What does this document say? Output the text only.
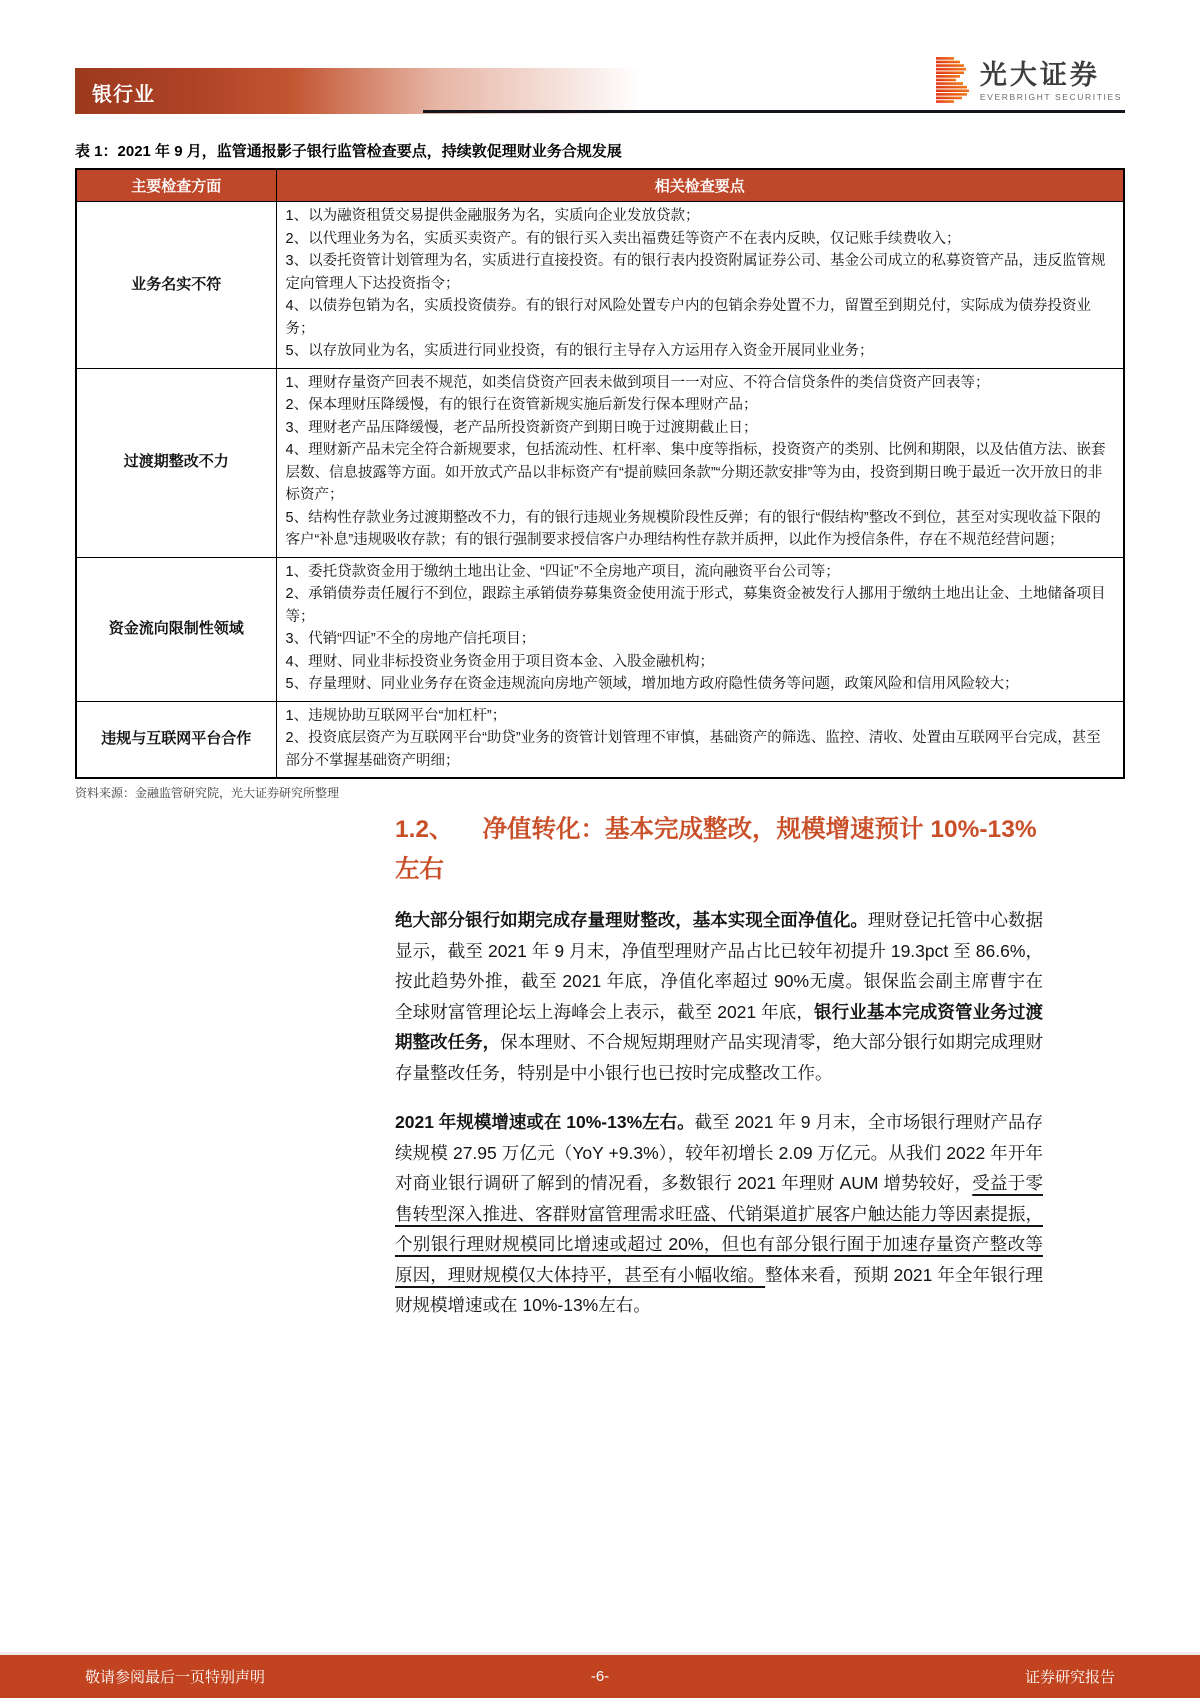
银行业
光大证券
EVERBRIGHT SECURITIES
表 1：2021 年 9 月，监管通报影子银行监管检查要点，持续敦促理财业务合规发展
主要检查方面	相关检查要点
业务名实不符	1、以为融资租赁交易提供金融服务为名，实质向企业发放贷款；
2、以代理业务为名，实质买卖资产。有的银行买入卖出福费廷等资产不在表内反映，仅记账手续费收入；
3、以委托资管计划管理为名，实质进行直接投资。有的银行表内投资附属证券公司、基金公司成立的私募资管产品，违反监管规定向管理人下达投资指令；
4、以债券包销为名，实质投资债券。有的银行对风险处置专户内的包销余券处置不力，留置至到期兑付，实际成为债券投资业务；
5、以存放同业为名，实质进行同业投资，有的银行主导存入方运用存入资金开展同业业务；

过渡期整改不力	1、理财存量资产回表不规范，如类信贷资产回表未做到项目一一对应、不符合信贷条件的类信贷资产回表等；
2、保本理财压降缓慢，有的银行在资管新规实施后新发行保本理财产品；
3、理财老产品压降缓慢，老产品所投资新资产到期日晚于过渡期截止日；
4、理财新产品未完全符合新规要求，包括流动性、杠杆率、集中度等指标，投资资产的类别、比例和期限，以及估值方法、嵌套层数、信息披露等方面。如开放式产品以非标资产有“提前赎回条款”“分期还款安排”等为由，投资到期日晚于最近一次开放日的非标资产；
5、结构性存款业务过渡期整改不力，有的银行违规业务规模阶段性反弹；有的银行“假结构”整改不到位，甚至对实现收益下限的客户“补息”违规吸收存款；有的银行强制要求授信客户办理结构性存款并质押，以此作为授信条件，存在不规范经营问题；

资金流向限制性领域	1、委托贷款资金用于缴纳土地出让金、“四证”不全房地产项目，流向融资平台公司等；
2、承销债券责任履行不到位，跟踪主承销债券募集资金使用流于形式，募集资金被发行人挪用于缴纳土地出让金、土地储备项目等；
3、代销“四证”不全的房地产信托项目；
4、理财、同业非标投资业务资金用于项目资本金、入股金融机构；
5、存量理财、同业业务存在资金违规流向房地产领域，增加地方政府隐性债务等问题，政策风险和信用风险较大；

违规与互联网平台合作	1、违规协助互联网平台“加杠杆”；
2、投资底层资产为互联网平台“助贷”业务的资管计划管理不审慎，基础资产的筛选、监控、清收、处置由互联网平台完成，甚至部分不掌握基础资产明细；
资料来源：金融监管研究院，光大证券研究所整理
1.2、 净值转化：基本完成整改，规模增速预计 10%-13% 左右

绝大部分银行如期完成存量理财整改，基本实现全面净值化。理财登记托管中心数据显示，截至 2021 年 9 月末，净值型理财产品占比已较年初提升 19.3pct 至 86.6%，按此趋势外推，截至 2021 年底，净值化率超过 90%无虞。银保监会副主席曹宇在全球财富管理论坛上海峰会上表示，截至 2021 年底，银行业基本完成资管业务过渡期整改任务，保本理财、不合规短期理财产品实现清零，绝大部分银行如期完成理财存量整改任务，特别是中小银行也已按时完成整改工作。

2021 年规模增速或在 10%-13%左右。截至 2021 年 9 月末，全市场银行理财产品存续规模 27.95 万亿元（YoY +9.3%），较年初增长 2.09 万亿元。从我们 2022 年开年对商业银行调研了解到的情况看，多数银行 2021 年理财 AUM 增势较好，受益于零售转型深入推进、客群财富管理需求旺盛、代销渠道扩展客户触达能力等因素提振，个别银行理财规模同比增速或超过 20%，但也有部分银行囿于加速存量资产整改等原因，理财规模仅大体持平，甚至有小幅收缩。整体来看，预期 2021 年全年银行理财规模增速或在 10%-13%左右。

敬请参阅最后一页特别声明	-6-	证券研究报告
